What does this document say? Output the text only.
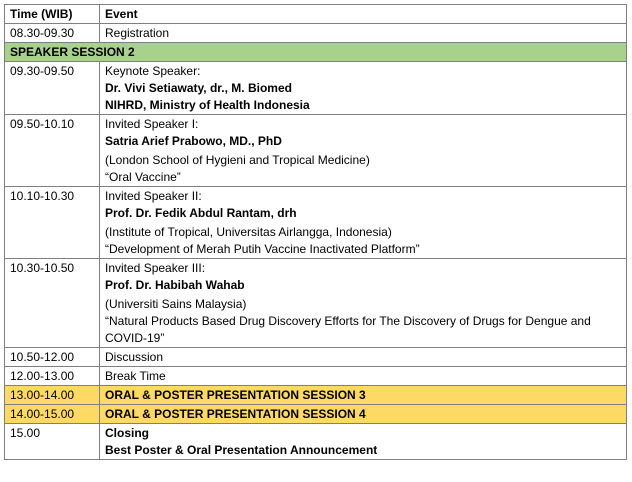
Time (WIB)	Event
08.30-09.30	Registration
SPEAKER SESSION 2	
09.30-09.50	Keynote Speaker:
Dr. Vivi Setiawaty, dr., M. Biomed
NIHRD, Ministry of Health Indonesia

09.50-10.10	Invited Speaker I:
Satria Arief Prabowo, MD., PhD
(London School of Hygieni and Tropical Medicine)
“Oral Vaccine”

10.10-10.30	Invited Speaker II:
Prof. Dr. Fedik Abdul Rantam, drh
(Institute of Tropical, Universitas Airlangga, Indonesia)
“Development of Merah Putih Vaccine Inactivated Platform”

10.30-10.50	Invited Speaker III:
Prof. Dr. Habibah Wahab
(Universiti Sains Malaysia)
“Natural Products Based Drug Discovery Efforts for The Discovery of Drugs for Dengue and COVID-19”

10.50-12.00	Discussion
12.00-13.00	Break Time
13.00-14.00	ORAL & POSTER PRESENTATION SESSION 3
14.00-15.00	ORAL & POSTER PRESENTATION SESSION 4
15.00	Closing
Best Poster & Oral Presentation Announcement
